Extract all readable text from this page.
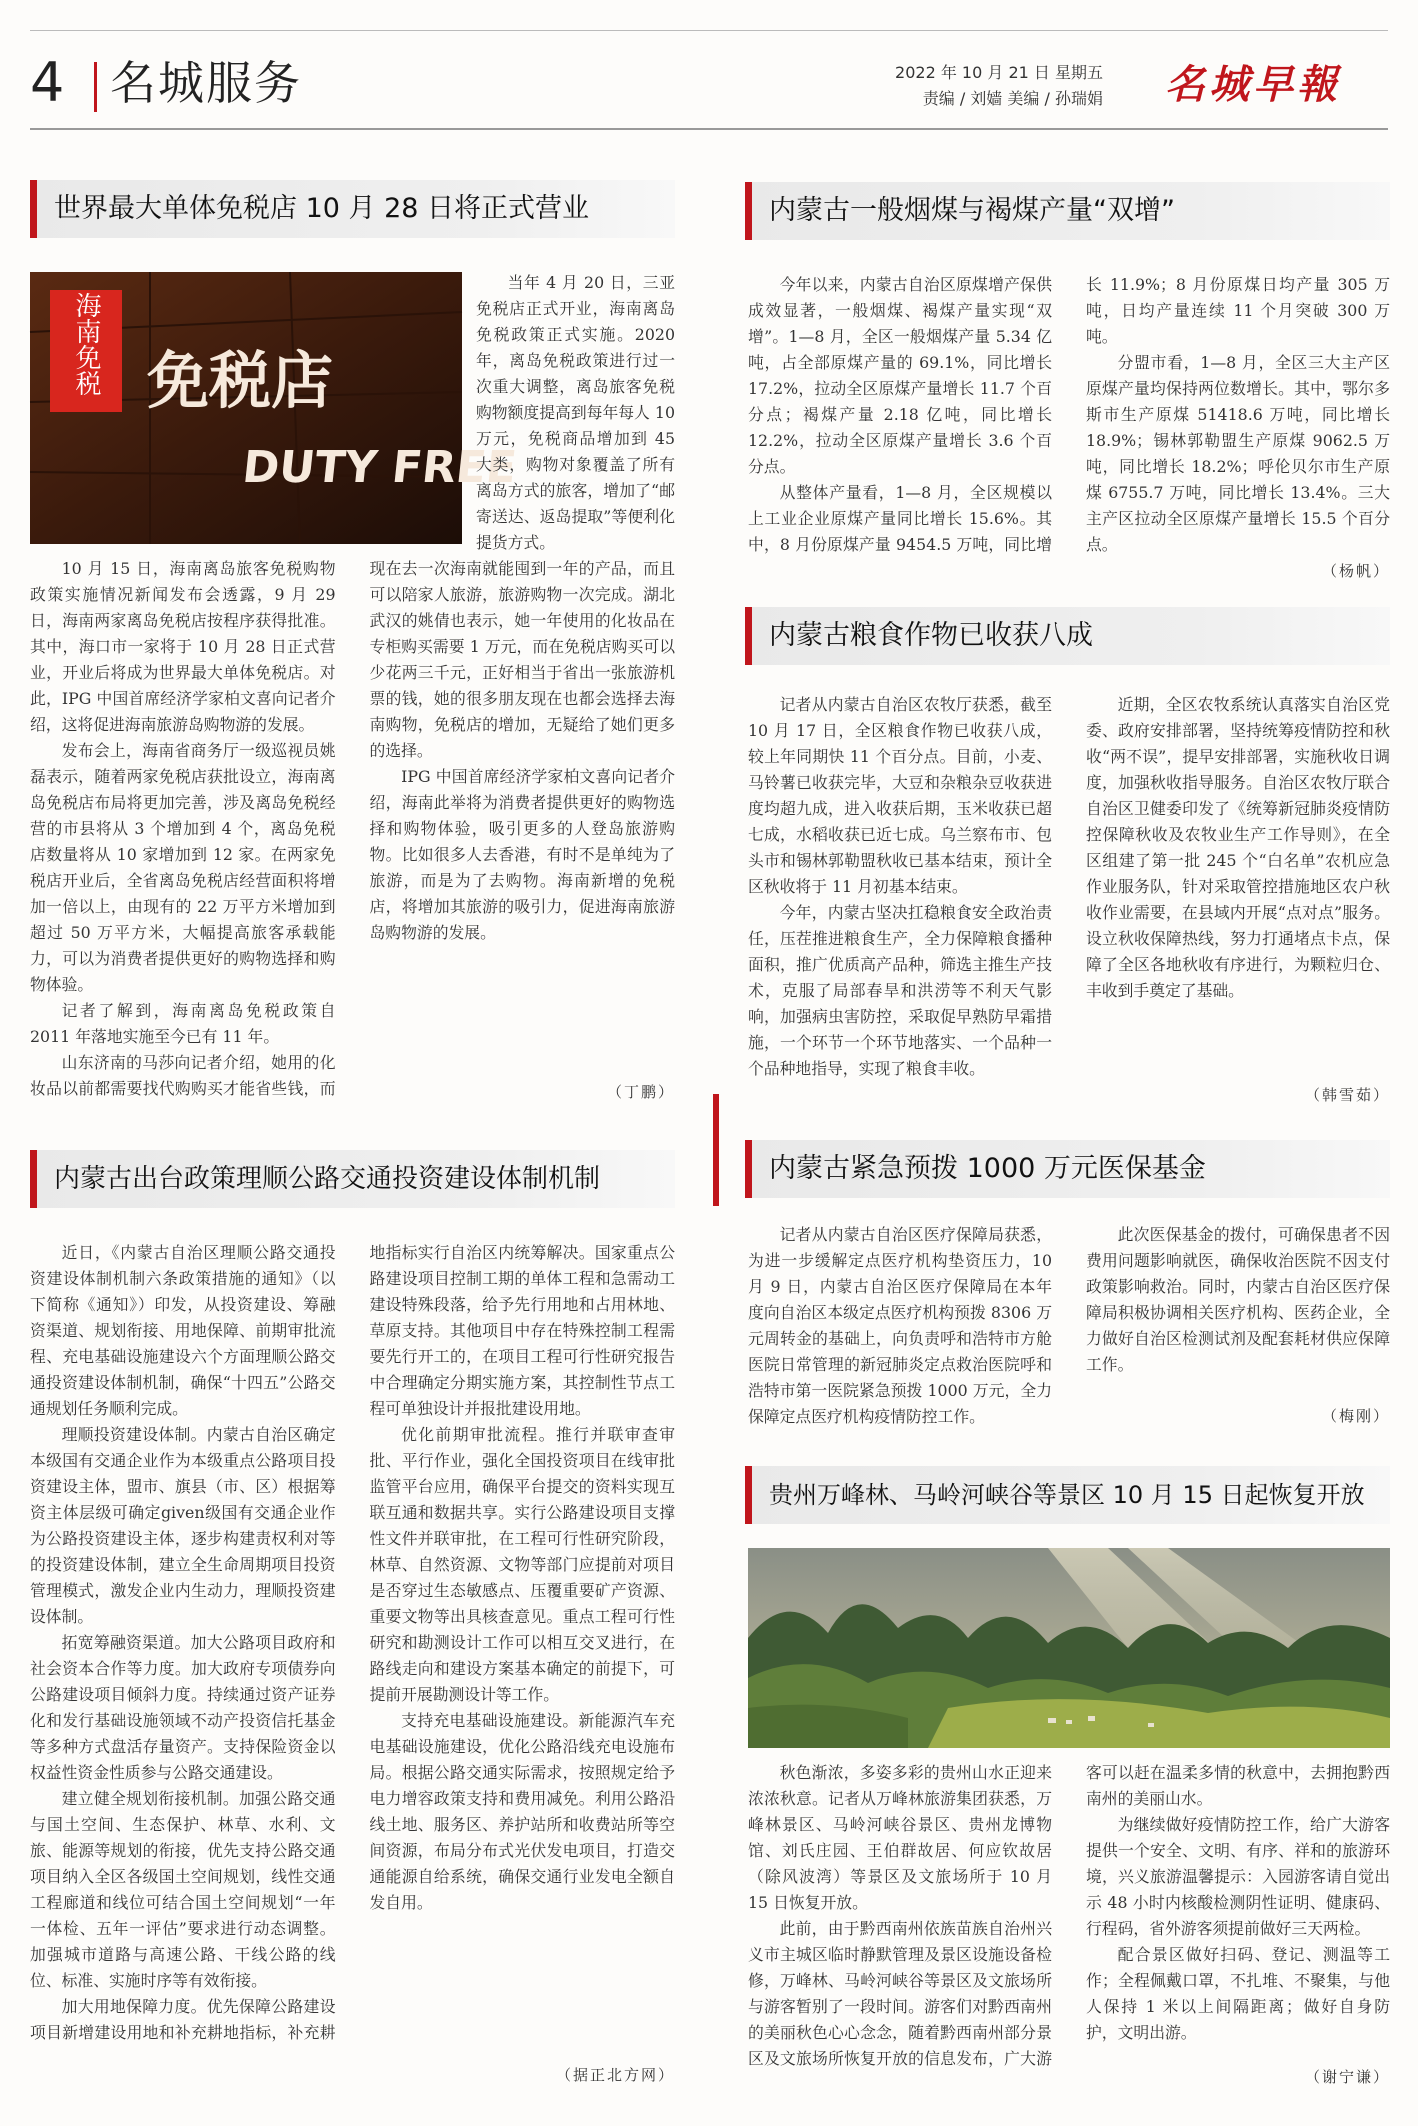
4 名城服务	2022 年 10 月 21 日 星期五
责编 / 刘嫱 美编 / 孙瑞娟 名城早報
世界最大单体免税店 10 月 28 日将正式营业
海南免税 免税店
DUTY FREE

当年 4 月 20 日，三亚免税店正式开业，海南离岛免税政策正式实施。2020 年，离岛免税政策进行过一次重大调整，离岛旅客免税购物额度提高到每年每人 10 万元，免税商品增加到 45 大类，购物对象覆盖了所有离岛方式的旅客，增加了“邮寄送达、返岛提取”等便利化提货方式。

10 月 15 日，海南离岛旅客免税购物政策实施情况新闻发布会透露，9 月 29 日，海南两家离岛免税店按程序获得批准。其中，海口市一家将于 10 月 28 日正式营业，开业后将成为世界最大单体免税店。对此，IPG 中国首席经济学家柏文喜向记者介绍，这将促进海南旅游岛购物游的发展。

发布会上，海南省商务厅一级巡视员姚磊表示，随着两家免税店获批设立，海南离岛免税店布局将更加完善，涉及离岛免税经营的市县将从 3 个增加到 4 个，离岛免税店数量将从 10 家增加到 12 家。在两家免税店开业后，全省离岛免税店经营面积将增加一倍以上，由现有的 22 万平方米增加到超过 50 万平方米，大幅提高旅客承载能力，可以为消费者提供更好的购物选择和购物体验。

记者了解到，海南离岛免税政策自 2011 年落地实施至今已有 11 年。

山东济南的马莎向记者介绍，她用的化妆品以前都需要找代购购买才能省些钱，而现在去一次海南就能囤到一年的产品，而且可以陪家人旅游，旅游购物一次完成。湖北武汉的姚倩也表示，她一年使用的化妆品在专柜购买需要 1 万元，而在免税店购买可以少花两三千元，正好相当于省出一张旅游机票的钱，她的很多朋友现在也都会选择去海南购物，免税店的增加，无疑给了她们更多的选择。

IPG 中国首席经济学家柏文喜向记者介绍，海南此举将为消费者提供更好的购物选择和购物体验，吸引更多的人登岛旅游购物。比如很多人去香港，有时不是单纯为了旅游，而是为了去购物。海南新增的免税店，将增加其旅游的吸引力，促进海南旅游岛购物游的发展。

（丁鹏）
内蒙古出台政策理顺公路交通投资建设体制机制

近日，《内蒙古自治区理顺公路交通投资建设体制机制六条政策措施的通知》（以下简称《通知》）印发，从投资建设、筹融资渠道、规划衔接、用地保障、前期审批流程、充电基础设施建设六个方面理顺公路交通投资建设体制机制，确保“十四五”公路交通规划任务顺利完成。

理顺投资建设体制。内蒙古自治区确定本级国有交通企业作为本级重点公路项目投资建设主体，盟市、旗县（市、区）根据筹资主体层级可确定given级国有交通企业作为公路投资建设主体，逐步构建责权利对等的投资建设体制，建立全生命周期项目投资管理模式，激发企业内生动力，理顺投资建设体制。

拓宽筹融资渠道。加大公路项目政府和社会资本合作等力度。加大政府专项债券向公路建设项目倾斜力度。持续通过资产证券化和发行基础设施领域不动产投资信托基金等多种方式盘活存量资产。支持保险资金以权益性资金性质参与公路交通建设。

建立健全规划衔接机制。加强公路交通与国土空间、生态保护、林草、水利、文旅、能源等规划的衔接，优先支持公路交通项目纳入全区各级国土空间规划，线性交通工程廊道和线位可结合国土空间规划“一年一体检、五年一评估”要求进行动态调整。加强城市道路与高速公路、干线公路的线位、标准、实施时序等有效衔接。

加大用地保障力度。优先保障公路建设项目新增建设用地和补充耕地指标，补充耕地指标实行自治区内统筹解决。国家重点公路建设项目控制工期的单体工程和急需动工建设特殊段落，给予先行用地和占用林地、草原支持。其他项目中存在特殊控制工程需要先行开工的，在项目工程可行性研究报告中合理确定分期实施方案，其控制性节点工程可单独设计并报批建设用地。

优化前期审批流程。推行并联审查审批、平行作业，强化全国投资项目在线审批监管平台应用，确保平台提交的资料实现互联互通和数据共享。实行公路建设项目支撑性文件并联审批，在工程可行性研究阶段，林草、自然资源、文物等部门应提前对项目是否穿过生态敏感点、压覆重要矿产资源、重要文物等出具核查意见。重点工程可行性研究和勘测设计工作可以相互交叉进行，在路线走向和建设方案基本确定的前提下，可提前开展勘测设计等工作。

支持充电基础设施建设。新能源汽车充电基础设施建设，优化公路沿线充电设施布局。根据公路交通实际需求，按照规定给予电力增容政策支持和费用减免。利用公路沿线土地、服务区、养护站所和收费站所等空间资源，布局分布式光伏发电项目，打造交通能源自给系统，确保交通行业发电全额自发自用。

（据正北方网）
内蒙古一般烟煤与褐煤产量“双增”

今年以来，内蒙古自治区原煤增产保供成效显著，一般烟煤、褐煤产量实现“双增”。1—8 月，全区一般烟煤产量 5.34 亿吨，占全部原煤产量的 69.1%，同比增长 17.2%，拉动全区原煤产量增长 11.7 个百分点；褐煤产量 2.18 亿吨，同比增长 12.2%，拉动全区原煤产量增长 3.6 个百分点。

从整体产量看，1—8 月，全区规模以上工业企业原煤产量同比增长 15.6%。其中，8 月份原煤产量 9454.5 万吨，同比增长 11.9%；8 月份原煤日均产量 305 万吨，日均产量连续 11 个月突破 300 万吨。

分盟市看，1—8 月，全区三大主产区原煤产量均保持两位数增长。其中，鄂尔多斯市生产原煤 51418.6 万吨，同比增长 18.9%；锡林郭勒盟生产原煤 9062.5 万吨，同比增长 18.2%；呼伦贝尔市生产原煤 6755.7 万吨，同比增长 13.4%。三大主产区拉动全区原煤产量增长 15.5 个百分点。

（杨帆）
内蒙古粮食作物已收获八成

记者从内蒙古自治区农牧厅获悉，截至 10 月 17 日，全区粮食作物已收获八成，较上年同期快 11 个百分点。目前，小麦、马铃薯已收获完毕，大豆和杂粮杂豆收获进度均超九成，进入收获后期，玉米收获已超七成，水稻收获已近七成。乌兰察布市、包头市和锡林郭勒盟秋收已基本结束，预计全区秋收将于 11 月初基本结束。

今年，内蒙古坚决扛稳粮食安全政治责任，压茬推进粮食生产，全力保障粮食播种面积，推广优质高产品种，筛选主推生产技术，克服了局部春旱和洪涝等不利天气影响，加强病虫害防控，采取促早熟防早霜措施，一个环节一个环节地落实、一个品种一个品种地指导，实现了粮食丰收。

近期，全区农牧系统认真落实自治区党委、政府安排部署，坚持统筹疫情防控和秋收“两不误”，提早安排部署，实施秋收日调度，加强秋收指导服务。自治区农牧厅联合自治区卫健委印发了《统筹新冠肺炎疫情防控保障秋收及农牧业生产工作导则》，在全区组建了第一批 245 个“白名单”农机应急作业服务队，针对采取管控措施地区农户秋收作业需要，在县域内开展“点对点”服务。设立秋收保障热线，努力打通堵点卡点，保障了全区各地秋收有序进行，为颗粒归仓、丰收到手奠定了基础。

（韩雪茹）
内蒙古紧急预拨 1000 万元医保基金

记者从内蒙古自治区医疗保障局获悉，为进一步缓解定点医疗机构垫资压力，10 月 9 日，内蒙古自治区医疗保障局在本年度向自治区本级定点医疗机构预拨 8306 万元周转金的基础上，向负责呼和浩特市方舱医院日常管理的新冠肺炎定点救治医院呼和浩特市第一医院紧急预拨 1000 万元，全力保障定点医疗机构疫情防控工作。

此次医保基金的拨付，可确保患者不因费用问题影响就医，确保收治医院不因支付政策影响救治。同时，内蒙古自治区医疗保障局积极协调相关医疗机构、医药企业，全力做好自治区检测试剂及配套耗材供应保障工作。

（梅刚）
贵州万峰林、马岭河峡谷等景区 10 月 15 日起恢复开放

秋色渐浓，多姿多彩的贵州山水正迎来浓浓秋意。记者从万峰林旅游集团获悉，万峰林景区、马岭河峡谷景区、贵州龙博物馆、刘氏庄园、王伯群故居、何应钦故居（除风波湾）等景区及文旅场所于 10 月 15 日恢复开放。

此前，由于黔西南州依族苗族自治州兴义市主城区临时静默管理及景区设施设备检修，万峰林、马岭河峡谷等景区及文旅场所与游客暂别了一段时间。游客们对黔西南州的美丽秋色心心念念，随着黔西南州部分景区及文旅场所恢复开放的信息发布，广大游客可以赶在温柔多情的秋意中，去拥抱黔西南州的美丽山水。

为继续做好疫情防控工作，给广大游客提供一个安全、文明、有序、祥和的旅游环境，兴义旅游温馨提示：入园游客请自觉出示 48 小时内核酸检测阴性证明、健康码、行程码，省外游客须提前做好三天两检。

配合景区做好扫码、登记、测温等工作；全程佩戴口罩，不扎堆、不聚集，与他人保持 1 米以上间隔距离；做好自身防护，文明出游。

（谢宁谦）
